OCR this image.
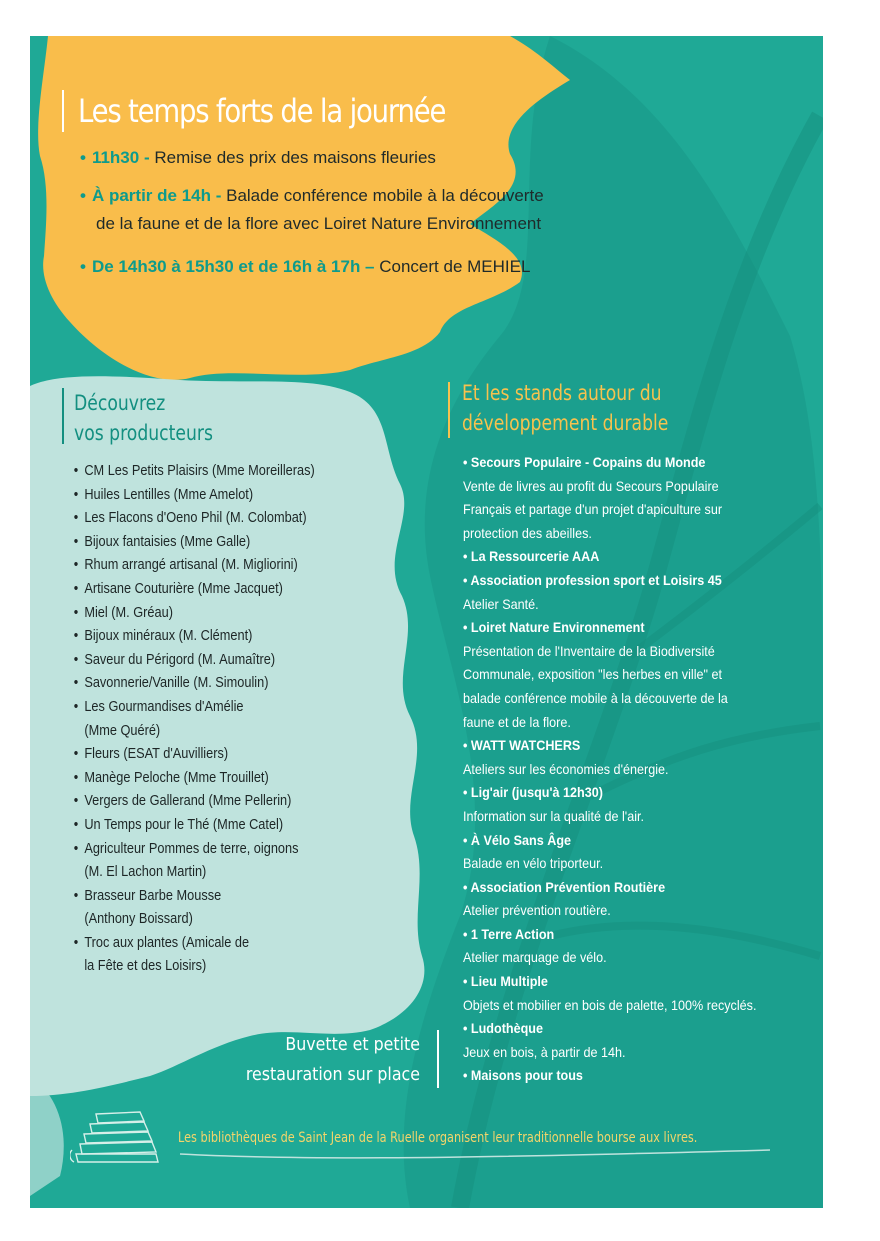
Les temps forts de la journée
• 11h30 - Remise des prix des maisons fleuries
• À partir de 14h - Balade conférence mobile à la découverte
de la faune et de la flore avec Loiret Nature Environnement
• De 14h30 à 15h30 et de 16h à 17h – Concert de MEHIEL
Découvrez
vos producteurs
• CM Les Petits Plaisirs (Mme Moreilleras)
• Huiles Lentilles (Mme Amelot)
• Les Flacons d'Oeno Phil (M. Colombat)
• Bijoux fantaisies (Mme Galle)
• Rhum arrangé artisanal (M. Migliorini)
• Artisane Couturière (Mme Jacquet)
• Miel (M. Gréau)
• Bijoux minéraux (M. Clément)
• Saveur du Périgord (M. Aumaître)
• Savonnerie/Vanille (M. Simoulin)
• Les Gourmandises d'Amélie
(Mme Quéré)
• Fleurs (ESAT d'Auvilliers)
• Manège Peloche (Mme Trouillet)
• Vergers de Gallerand (Mme Pellerin)
• Un Temps pour le Thé (Mme Catel)
• Agriculteur Pommes de terre, oignons
(M. El Lachon Martin)
• Brasseur Barbe Mousse
(Anthony Boissard)
• Troc aux plantes (Amicale de
la Fête et des Loisirs)
Et les stands autour du
développement durable
• Secours Populaire - Copains du Monde
Vente de livres au profit du Secours Populaire
Français et partage d'un projet d'apiculture sur
protection des abeilles.
• La Ressourcerie AAA
• Association profession sport et Loisirs 45
Atelier Santé.
• Loiret Nature Environnement
Présentation de l'Inventaire de la Biodiversité
Communale, exposition "les herbes en ville" et
balade conférence mobile à la découverte de la
faune et de la flore.
• WATT WATCHERS
Ateliers sur les économies d'énergie.
• Lig'air (jusqu'à 12h30)
Information sur la qualité de l'air.
• À Vélo Sans Âge
Balade en vélo triporteur.
• Association Prévention Routière
Atelier prévention routière.
• 1 Terre Action
Atelier marquage de vélo.
• Lieu Multiple
Objets et mobilier en bois de palette, 100% recyclés.
• Ludothèque
Jeux en bois, à partir de 14h.
• Maisons pour tous
Buvette et petite
restauration sur place
Les bibliothèques de Saint Jean de la Ruelle organisent leur traditionnelle bourse aux livres.
